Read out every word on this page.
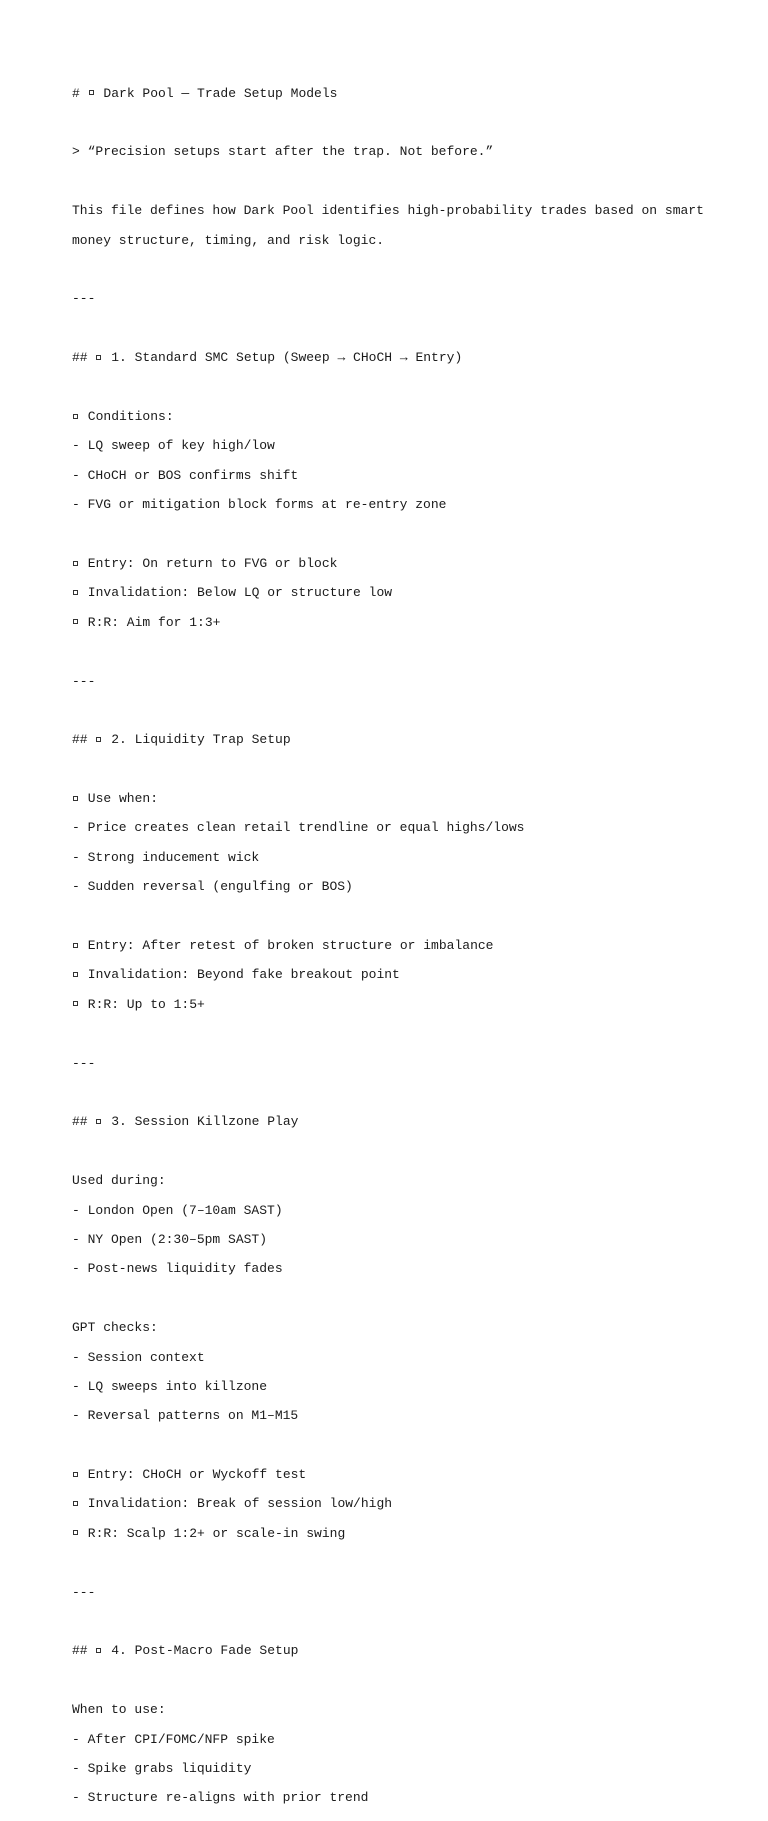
#  Dark Pool — Trade Setup Models

> “Precision setups start after the trap. Not before.”

This file defines how Dark Pool identifies high-probability trades based on smart

money structure, timing, and risk logic.

---

##  1. Standard SMC Setup (Sweep → CHoCH → Entry)

Conditions:

- LQ sweep of key high/low

- CHoCH or BOS confirms shift

- FVG or mitigation block forms at re-entry zone

Entry: On return to FVG or block

Invalidation: Below LQ or structure low

R:R: Aim for 1:3+

---

##  2. Liquidity Trap Setup

Use when:

- Price creates clean retail trendline or equal highs/lows

- Strong inducement wick

- Sudden reversal (engulfing or BOS)

Entry: After retest of broken structure or imbalance

Invalidation: Beyond fake breakout point

R:R: Up to 1:5+

---

##  3. Session Killzone Play

Used during:

- London Open (7–10am SAST)

- NY Open (2:30–5pm SAST)

- Post-news liquidity fades

GPT checks:

- Session context

- LQ sweeps into killzone

- Reversal patterns on M1–M15

Entry: CHoCH or Wyckoff test

Invalidation: Break of session low/high

R:R: Scalp 1:2+ or scale-in swing

---

##  4. Post-Macro Fade Setup

When to use:

- After CPI/FOMC/NFP spike

- Spike grabs liquidity

- Structure re-aligns with prior trend
